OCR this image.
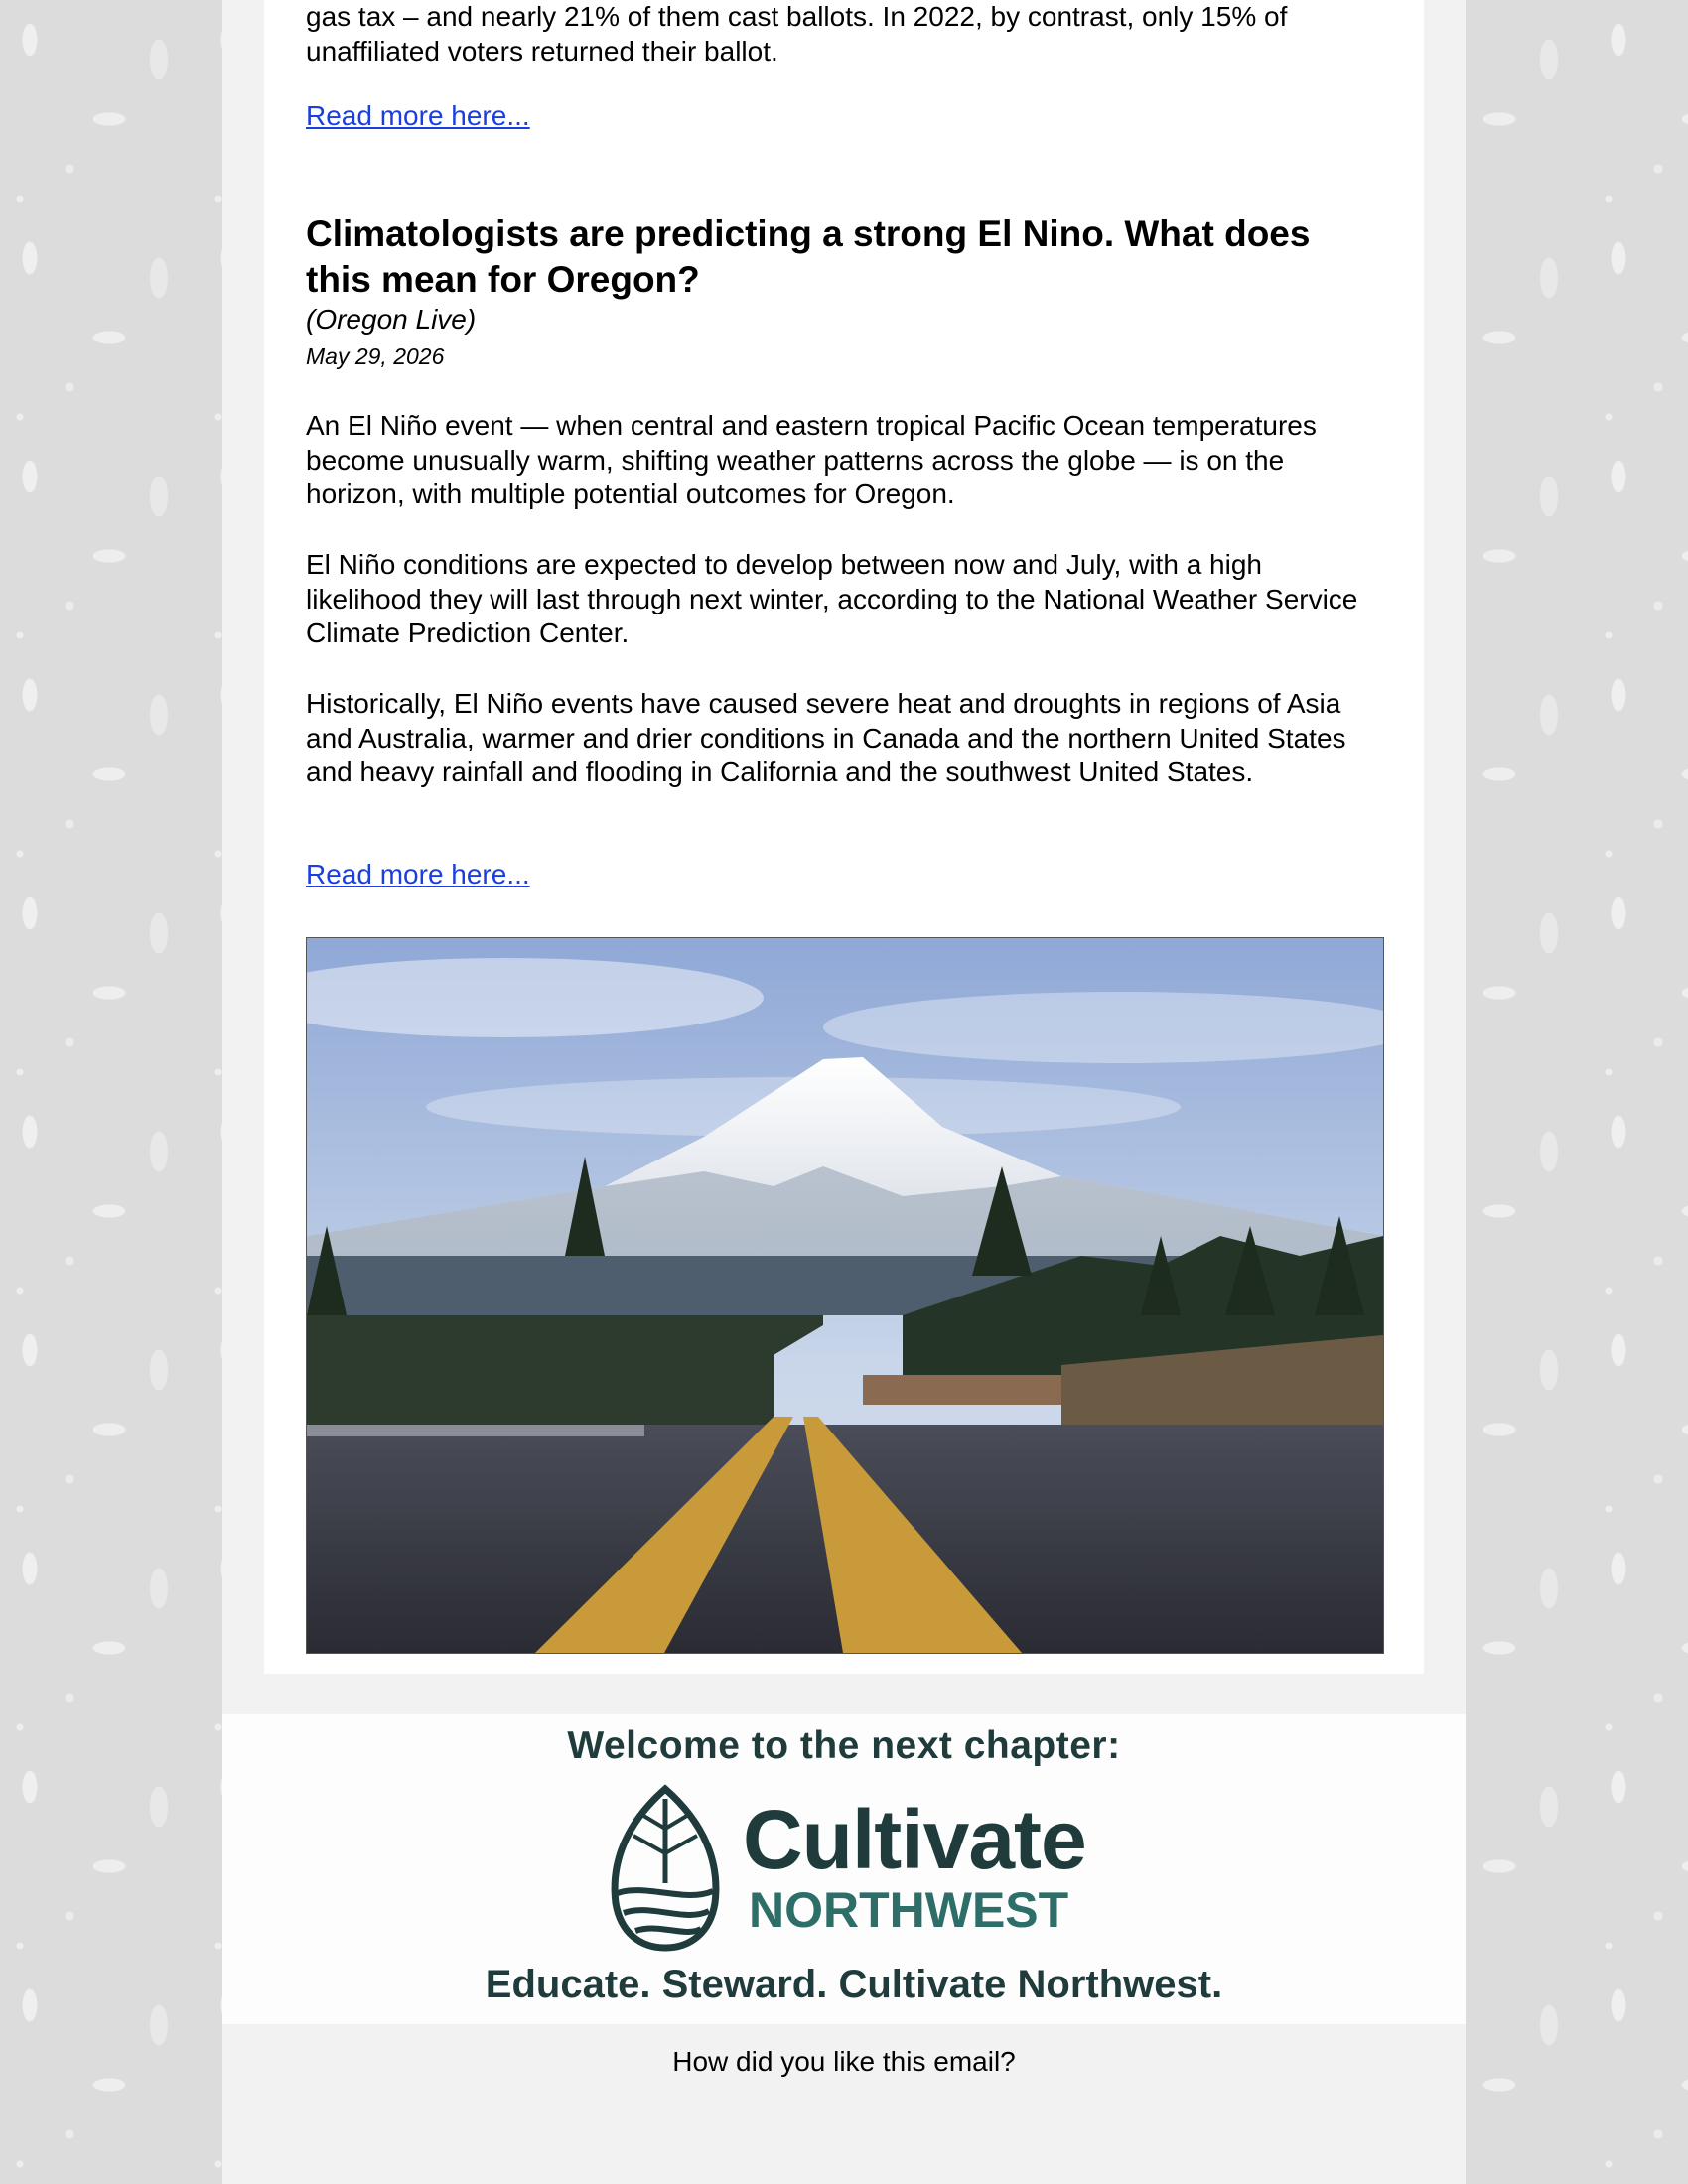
gas tax – and nearly 21% of them cast ballots. In 2022, by contrast, only 15% of unaffiliated voters returned their ballot.

Read more here...
Climatologists are predicting a strong El Nino. What does this mean for Oregon?
(Oregon Live)
May 29, 2026

An El Niño event — when central and eastern tropical Pacific Ocean temperatures become unusually warm, shifting weather patterns across the globe — is on the horizon, with multiple potential outcomes for Oregon.

El Niño conditions are expected to develop between now and July, with a high likelihood they will last through next winter, according to the National Weather Service Climate Prediction Center.

Historically, El Niño events have caused severe heat and droughts in regions of Asia and Australia, warmer and drier conditions in Canada and the northern United States and heavy rainfall and flooding in California and the southwest United States.

Read more here...
Welcome to the next chapter:
Cultivate
NORTHWEST
Educate. Steward. Cultivate Northwest.
How did you like this email?
